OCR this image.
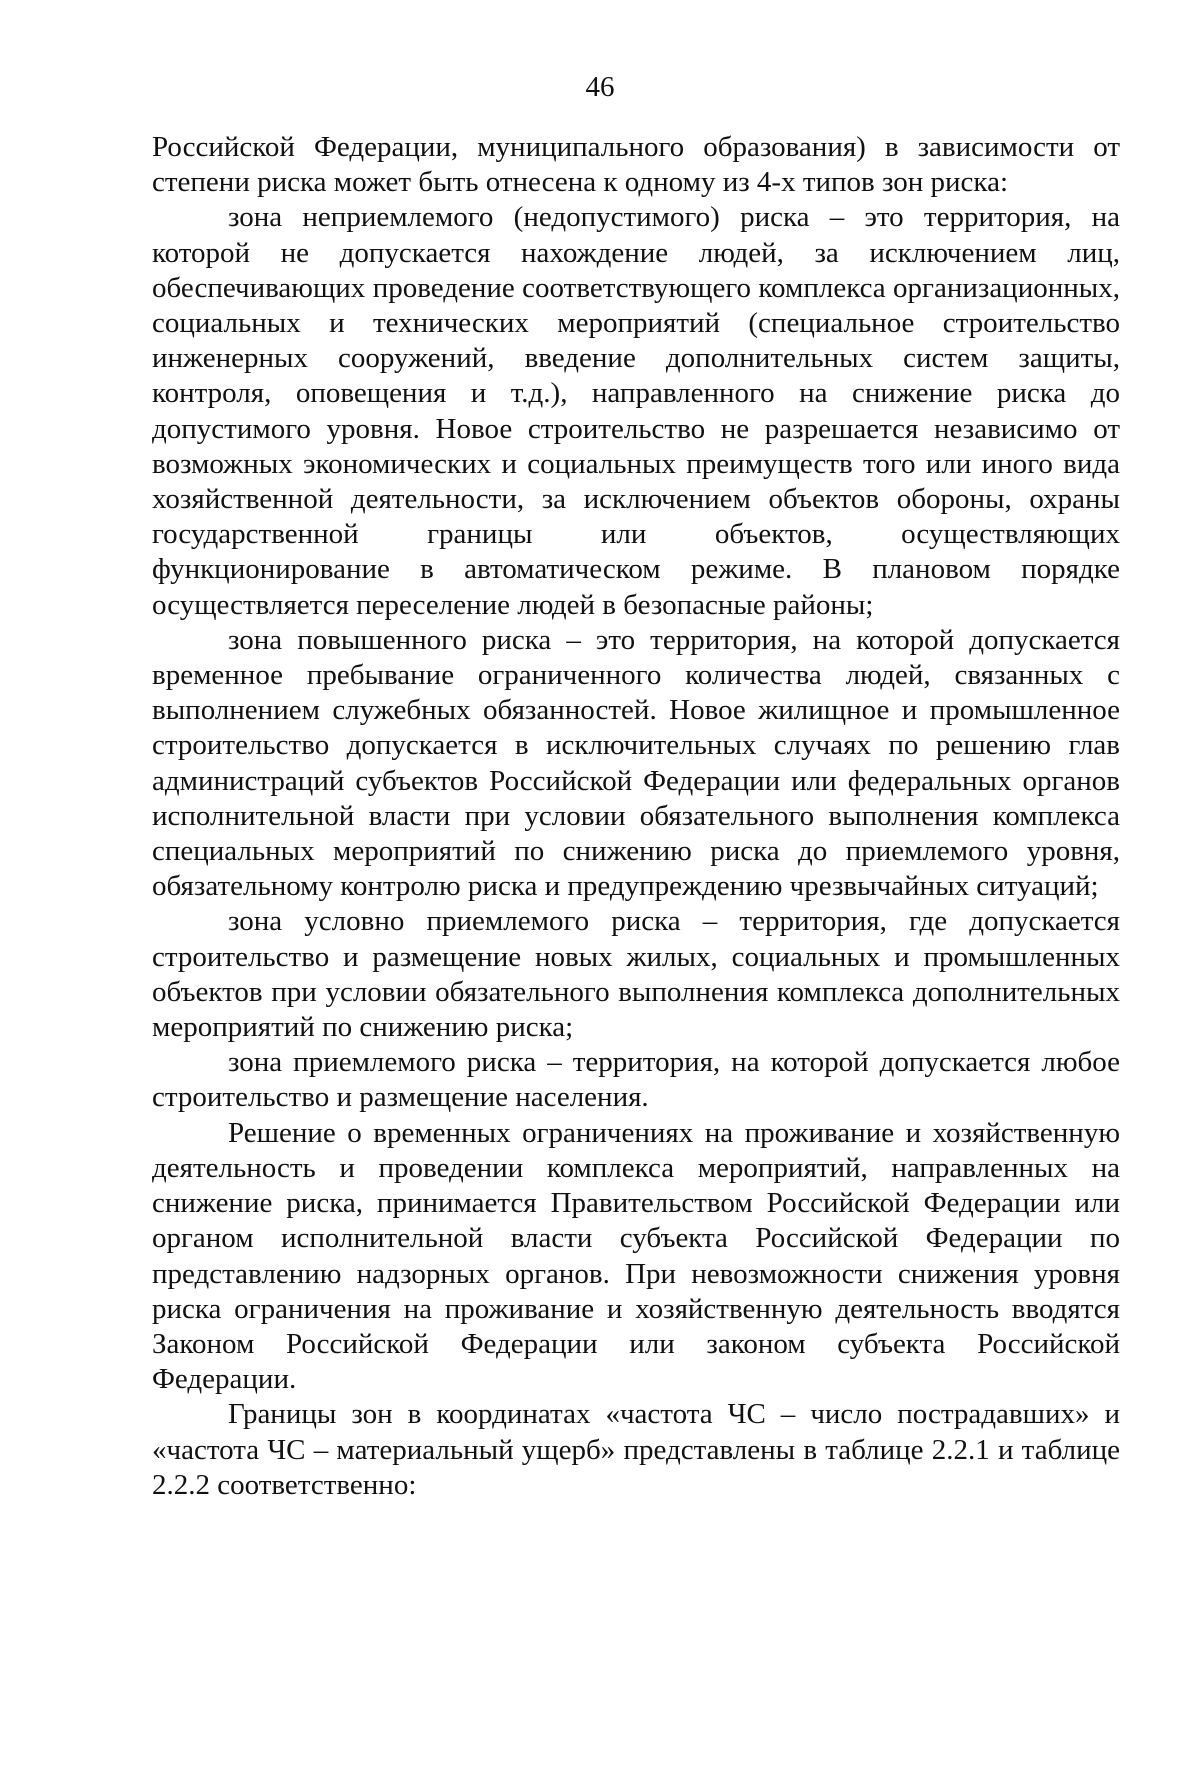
46

Российской Федерации, муниципального образования) в зависимости от степени риска может быть отнесена к одному из 4-х типов зон риска:

зона неприемлемого (недопустимого) риска – это территория, на которой не допускается нахождение людей, за исключением лиц, обеспечивающих проведение соответствующего комплекса организационных, социальных и технических мероприятий (специальное строительство инженерных сооружений, введение дополнительных систем защиты, контроля, оповещения и т.д.), направленного на снижение риска до допустимого уровня. Новое строительство не разрешается независимо от возможных экономических и социальных преимуществ того или иного вида хозяйственной деятельности, за исключением объектов обороны, охраны государственной границы или объектов, осуществляющих функционирование в автоматическом режиме. В плановом порядке осуществляется переселение людей в безопасные районы;

зона повышенного риска – это территория, на которой допускается временное пребывание ограниченного количества людей, связанных с выполнением служебных обязанностей. Новое жилищное и промышленное строительство допускается в исключительных случаях по решению глав администраций субъектов Российской Федерации или федеральных органов исполнительной власти при условии обязательного выполнения комплекса специальных мероприятий по снижению риска до приемлемого уровня, обязательному контролю риска и предупреждению чрезвычайных ситуаций;

зона условно приемлемого риска – территория, где допускается строительство и размещение новых жилых, социальных и промышленных объектов при условии обязательного выполнения комплекса дополнительных мероприятий по снижению риска;

зона приемлемого риска – территория, на которой допускается любое строительство и размещение населения.

Решение о временных ограничениях на проживание и хозяйственную деятельность и проведении комплекса мероприятий, направленных на снижение риска, принимается Правительством Российской Федерации или органом исполнительной власти субъекта Российской Федерации по представлению надзорных органов. При невозможности снижения уровня риска ограничения на проживание и хозяйственную деятельность вводятся Законом Российской Федерации или законом субъекта Российской Федерации.

Границы зон в координатах «частота ЧС – число пострадавших» и «частота ЧС – материальный ущерб» представлены в таблице 2.2.1 и таблице 2.2.2 соответственно:
